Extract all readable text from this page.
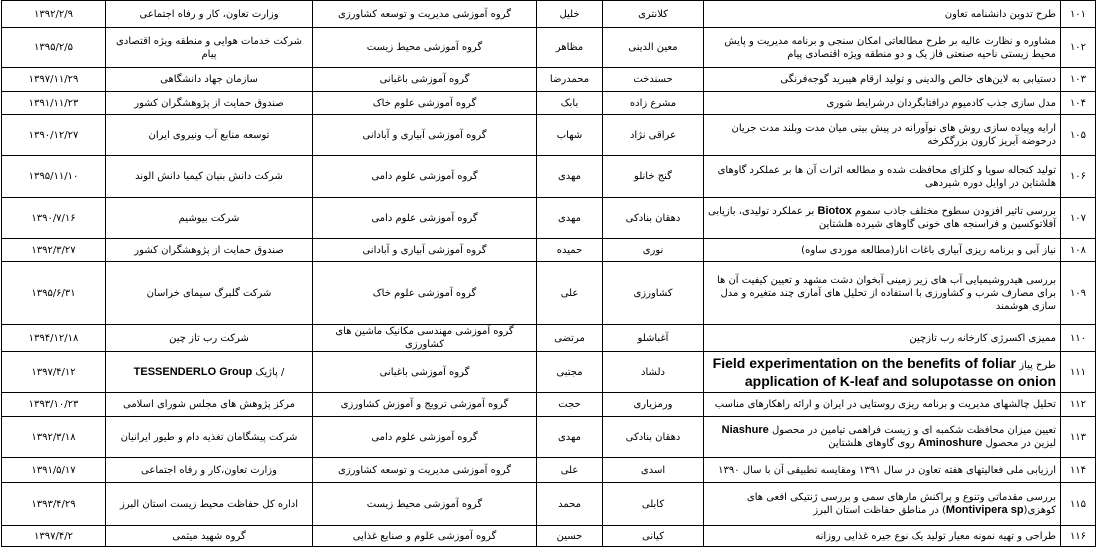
۱۰۱	طرح تدوین دانشنامه تعاون	کلانتری	خلیل	گروه آموزشی مدیریت و توسعه کشاورزی	وزارت تعاون، کار و رفاه اجتماعی	۱۳۹۲/۲/۹
۱۰۲	مشاوره و نظارت عالیه بر طرح مطالعاتی امکان سنجی و برنامه مدیریت و پایش محیط زیستی ناحیه صنعتی فاز یک و دو منطقه ویژه اقتصادی پیام	معین الدینی	مظاهر	گروه آموزشی محیط زیست	شرکت خدمات هوایی و منطقه ویژه اقتصادی پیام	۱۳۹۵/۲/۵
۱۰۳	دستیابی به لاین‌های خالص والدینی و تولید ارقام هیبرید گوجه‌فرنگی	حسندخت	محمدرضا	گروه آموزشی باغبانی	سازمان جهاد دانشگاهی	۱۳۹۷/۱۱/۲۹
۱۰۴	مدل سازی جذب کادمیوم درافتابگردان درشرایط شوری	مشرع زاده	بابک	گروه آموزشی علوم خاک	صندوق حمایت از پژوهشگران کشور	۱۳۹۱/۱۱/۲۳
۱۰۵	ارایه وپیاده سازی روش های نوآورانه در پیش بینی میان مدت وبلند مدت جریان درحوضه آبریز کارون بزرگکرخه	عراقی نژاد	شهاب	گروه آموزشی آبیاری و آبادانی	توسعه منابع آب ونیروی ایران	۱۳۹۰/۱۲/۲۷
۱۰۶	تولید کنجاله سویا و کلزای محافظت شده و مطالعه اثرات آن ها بر عملکرد گاوهای هلشتاین در اوایل دوره شیردهی	گنج خانلو	مهدی	گروه آموزشی علوم دامی	شرکت دانش بنیان کیمیا دانش الوند	۱۳۹۵/۱۱/۱۰
۱۰۷	بررسی تاثیر افزودن سطوح مختلف جاذب سموم Biotox بر عملکرد تولیدی، بازیابی آفلاتوکسین و فراسنجه های خونی گاوهای شیرده هلشتاین	دهقان بنادکی	مهدی	گروه آموزشی علوم دامی	شرکت بیوشیم	۱۳۹۰/۷/۱۶
۱۰۸	نیاز آبی و برنامه ریزی آبیاری باغات انار(مطالعه موردی ساوه)	نوری	حمیده	گروه آموزشی آبیاری و آبادانی	صندوق حمایت از پژوهشگران کشور	۱۳۹۲/۳/۲۷
۱۰۹	بررسی هیدروشیمیایی آب های زیر زمینی آبخوان دشت مشهد و تعیین کیفیت آن ها برای مصارف شرب و کشاورزی با استفاده از تحلیل های آماری چند متغیره و مدل سازی هوشمند	کشاورزی	علی	گروه آموزشی علوم خاک	شرکت گلبرگ سیمای خراسان	۱۳۹۵/۶/۳۱
۱۱۰	ممیزی اکسرژی کارخانه رب تازچین	آغباشلو	مرتضی	گروه آموزشی مهندسی مکانیک ماشین های کشاورزی	شرکت رب تاز چین	۱۳۹۴/۱۲/۱۸
۱۱۱	طرح پیاز Field experimentation on the benefits of foliar application of K-leaf and solupotasse on onion	دلشاد	مجتبی	گروه آموزشی باغبانی	/ پاژیک TESSENDERLO Group	۱۳۹۷/۴/۱۲
۱۱۲	تحلیل چالشهای مدیریت و برنامه ریزی روستایی در ایران و ارائه راهکارهای مناسب	ورمزیاری	حجت	گروه آموزشی ترویج و آموزش کشاورزی	مرکز پژوهش های مجلس شورای اسلامی	۱۳۹۳/۱۰/۲۳
۱۱۳	تعیین میزان محافظت شکمبه ای و زیست فراهمی تیامین در محصول Niashure لیزین در محصول Aminoshure روی گاوهای هلشتاین	دهقان بنادکی	مهدی	گروه آموزشی علوم دامی	شرکت پیشگامان تغذیه دام و طیور ایرانیان	۱۳۹۲/۳/۱۸
۱۱۴	ارزیابی ملی فعالیتهای هفته تعاون در سال ۱۳۹۱ ومقایسه تطبیقی آن با سال ۱۳۹۰	اسدی	علی	گروه آموزشی مدیریت و توسعه کشاورزی	وزارت تعاون،کار و رفاه اجتماعی	۱۳۹۱/۵/۱۷
۱۱۵	بررسی مقدماتی وتنوع و پراکنش مارهای سمی و بررسی ژنتیکی افعی های کوهزی(Montivipera sp) در مناطق حفاظت استان البرز	کابلی	محمد	گروه آموزشی محیط زیست	اداره کل حفاظت محیط زیست استان البرز	۱۳۹۳/۴/۲۹
۱۱۶	طراحی و تهیه نمونه معیار تولید یک نوع جیره غذایی روزانه	کیانی	حسین	گروه آموزشی علوم و صنایع غذایی	گروه شهید میثمی	۱۳۹۷/۴/۲
